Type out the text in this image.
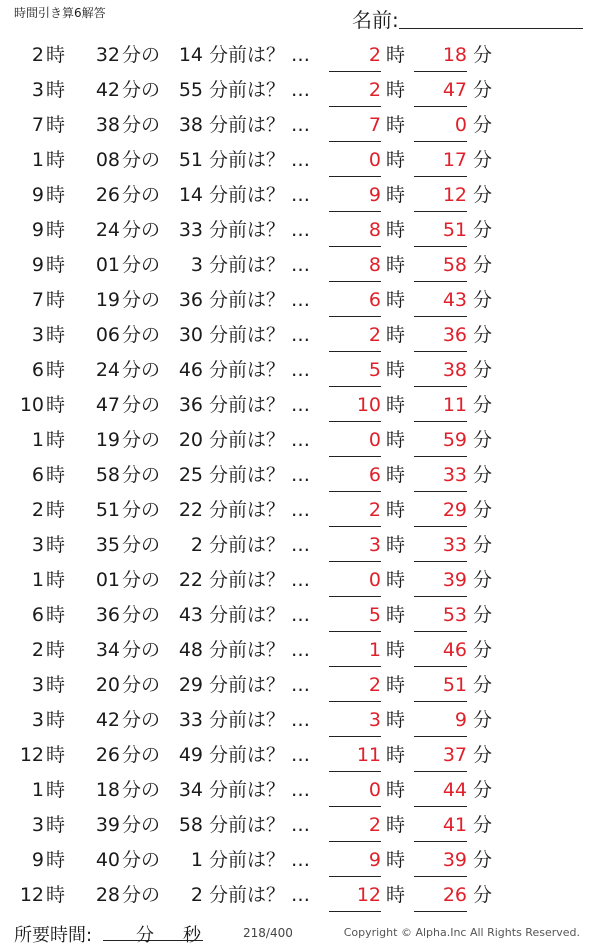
時間引き算6解答	名前:
2 時 32 分の 14 分前は？ …	2 時	18 分
3 時 42 分の 55 分前は？ …	2 時	47 分
7 時 38 分の 38 分前は？ …	7 時	0 分
1 時 08 分の 51 分前は？ …	0 時	17 分
9 時 26 分の 14 分前は？ …	9 時	12 分
9 時 24 分の 33 分前は？ …	8 時	51 分
9 時 01 分の 3 分前は？ …	8 時	58 分
7 時 19 分の 36 分前は？ …	6 時	43 分
3 時 06 分の 30 分前は？ …	2 時	36 分
6 時 24 分の 46 分前は？ …	5 時	38 分
10 時 47 分の 36 分前は？ …	10 時	11 分
1 時 19 分の 20 分前は？ …	0 時	59 分
6 時 58 分の 25 分前は？ …	6 時	33 分
2 時 51 分の 22 分前は？ …	2 時	29 分
3 時 35 分の 2 分前は？ …	3 時	33 分
1 時 01 分の 22 分前は？ …	0 時	39 分
6 時 36 分の 43 分前は？ …	5 時	53 分
2 時 34 分の 48 分前は？ …	1 時	46 分
3 時 20 分の 29 分前は？ …	2 時	51 分
3 時 42 分の 33 分前は？ …	3 時	9 分
12 時 26 分の 49 分前は？ …	11 時	37 分
1 時 18 分の 34 分前は？ …	0 時	44 分
3 時 39 分の 58 分前は？ …	2 時	41 分
9 時 40 分の 1 分前は？ …	9 時	39 分
12 時 28 分の 2 分前は？ …	12 時	26 分
所要時間: 分 秒	218/400	Copyright © Alpha.Inc All Rights Reserved.
